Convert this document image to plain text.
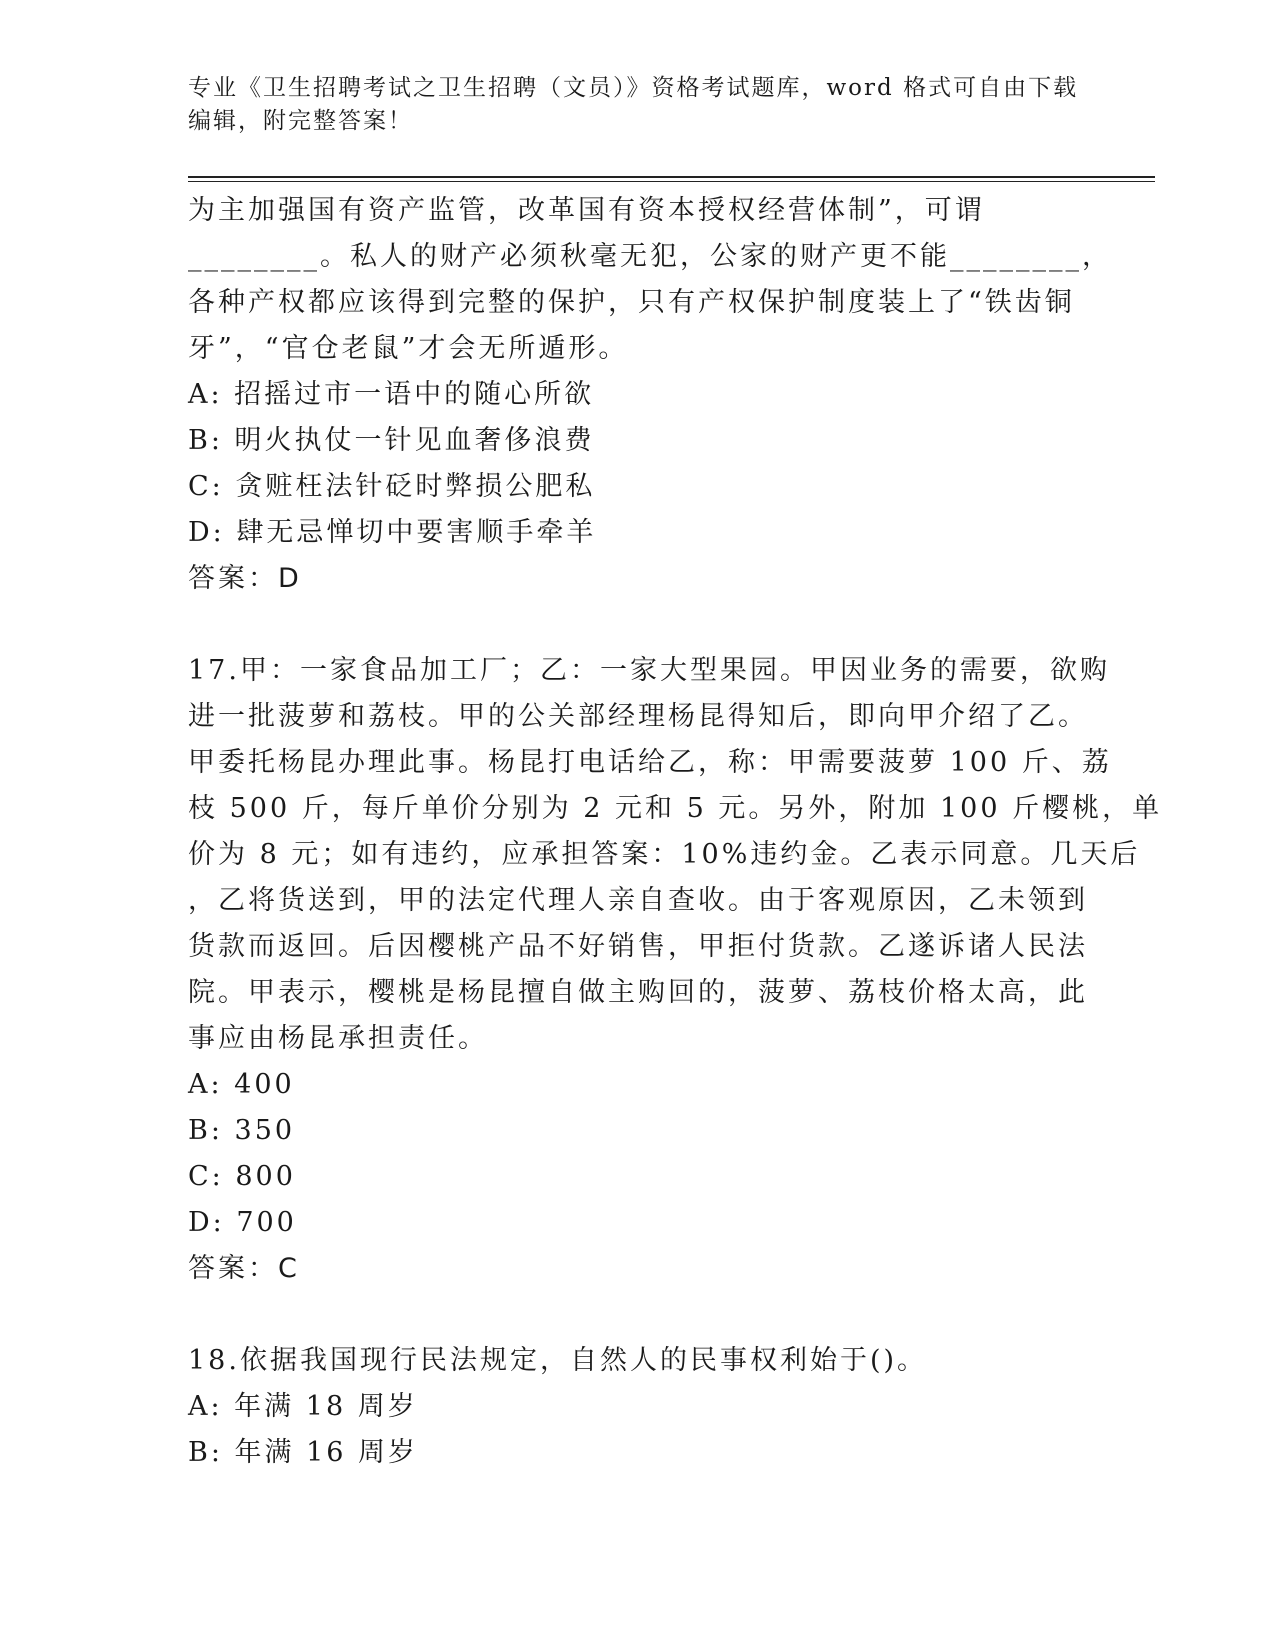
专业《卫生招聘考试之卫生招聘（文员）》资格考试题库，word 格式可自由下载
编辑，附完整答案！
为主加强国有资产监管，改革国有资本授权经营体制”，可谓
________。私人的财产必须秋毫无犯，公家的财产更不能________，
各种产权都应该得到完整的保护，只有产权保护制度装上了“铁齿铜
牙”，“官仓老鼠”才会无所遁形。
A: 招摇过市一语中的随心所欲
B: 明火执仗一针见血奢侈浪费
C: 贪赃枉法针砭时弊损公肥私
D: 肆无忌惮切中要害顺手牵羊
答案：D
17.甲：一家食品加工厂；乙：一家大型果园。甲因业务的需要，欲购
进一批菠萝和荔枝。甲的公关部经理杨昆得知后，即向甲介绍了乙。
甲委托杨昆办理此事。杨昆打电话给乙，称：甲需要菠萝 100 斤、荔
枝 500 斤，每斤单价分别为 2 元和 5 元。另外，附加 100 斤樱桃，单
价为 8 元；如有违约，应承担答案：10%违约金。乙表示同意。几天后
，乙将货送到，甲的法定代理人亲自查收。由于客观原因，乙未领到
货款而返回。后因樱桃产品不好销售，甲拒付货款。乙遂诉诸人民法
院。甲表示，樱桃是杨昆擅自做主购回的，菠萝、荔枝价格太高，此
事应由杨昆承担责任。
A: 400
B: 350
C: 800
D: 700
答案：C
18.依据我国现行民法规定，自然人的民事权利始于()。
A: 年满 18 周岁
B: 年满 16 周岁
